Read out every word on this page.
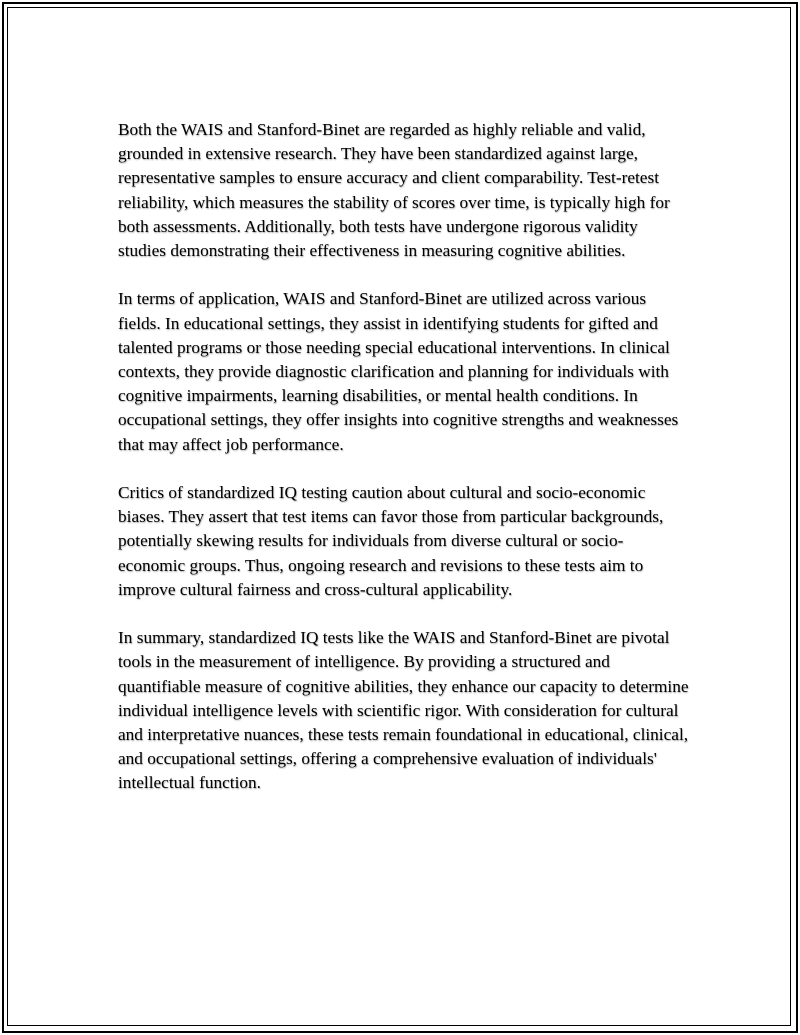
Both the WAIS and Stanford-Binet are regarded as highly reliable and valid, grounded in extensive research. They have been standardized against large, representative samples to ensure accuracy and client comparability. Test-retest reliability, which measures the stability of scores over time, is typically high for both assessments. Additionally, both tests have undergone rigorous validity studies demonstrating their effectiveness in measuring cognitive abilities.

In terms of application, WAIS and Stanford-Binet are utilized across various fields. In educational settings, they assist in identifying students for gifted and talented programs or those needing special educational interventions. In clinical contexts, they provide diagnostic clarification and planning for individuals with cognitive impairments, learning disabilities, or mental health conditions. In occupational settings, they offer insights into cognitive strengths and weaknesses that may affect job performance.

Critics of standardized IQ testing caution about cultural and socio-economic biases. They assert that test items can favor those from particular backgrounds, potentially skewing results for individuals from diverse cultural or socio-economic groups. Thus, ongoing research and revisions to these tests aim to improve cultural fairness and cross-cultural applicability.

In summary, standardized IQ tests like the WAIS and Stanford-Binet are pivotal tools in the measurement of intelligence. By providing a structured and quantifiable measure of cognitive abilities, they enhance our capacity to determine individual intelligence levels with scientific rigor. With consideration for cultural and interpretative nuances, these tests remain foundational in educational, clinical, and occupational settings, offering a comprehensive evaluation of individuals' intellectual function.
